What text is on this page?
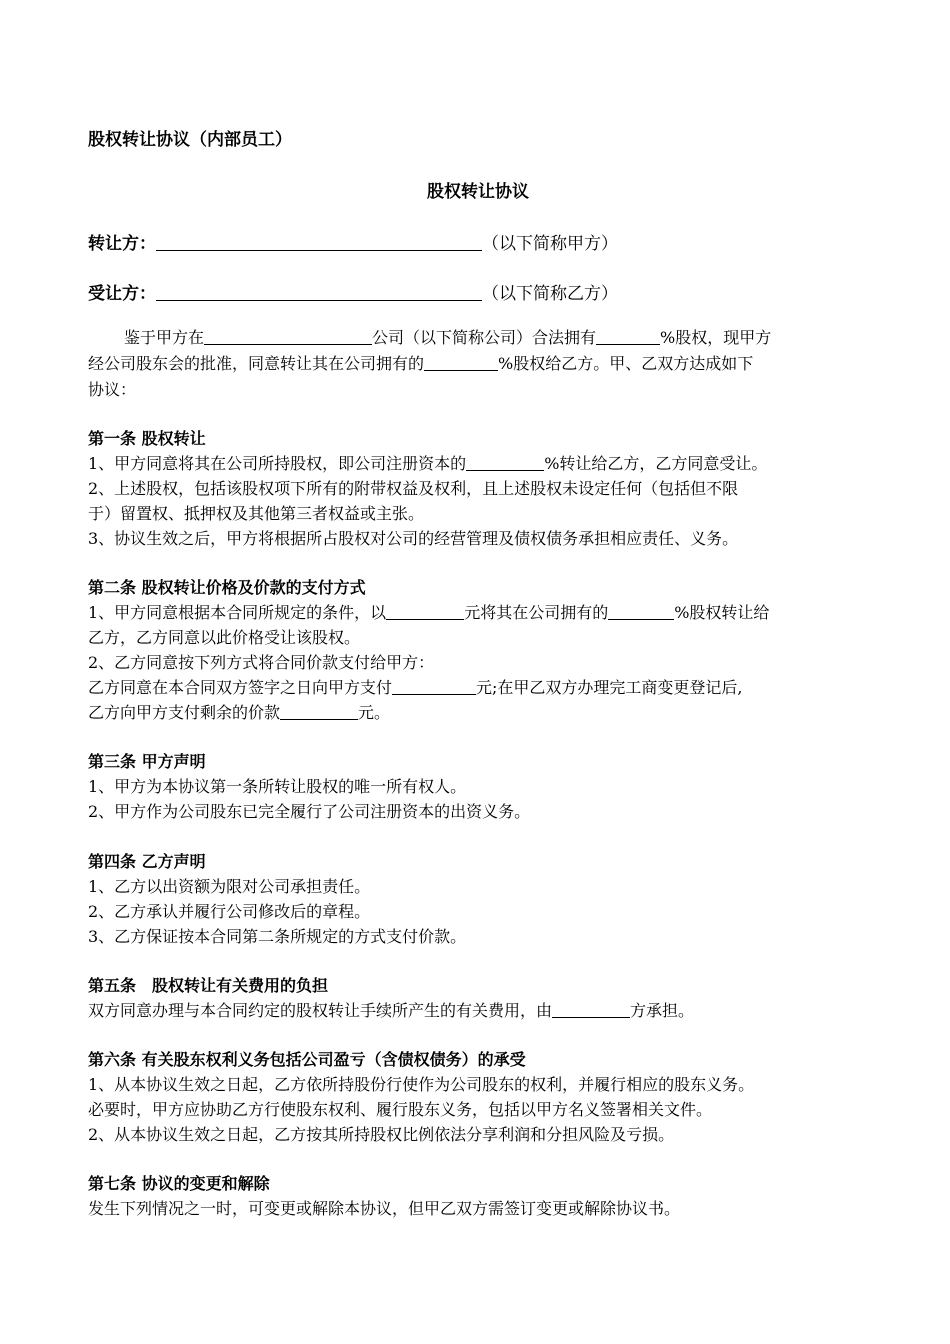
股权转让协议（内部员工）
股权转让协议
转让方：	（以下简称甲方）
受让方：	（以下简称乙方）
鉴于甲方在	公司（以下简称公司）合法拥有	%股权，现甲方
经公司股东会的批准，同意转让其在公司拥有的	%股权给乙方。甲、乙双方达成如下
协议：
第一条 股权转让
1、甲方同意将其在公司所持股权，即公司注册资本的	%转让给乙方，乙方同意受让。
2、上述股权，包括该股权项下所有的附带权益及权利，且上述股权未设定任何（包括但不限
于）留置权、抵押权及其他第三者权益或主张。
3、协议生效之后，甲方将根据所占股权对公司的经营管理及债权债务承担相应责任、义务。
第二条 股权转让价格及价款的支付方式
1、甲方同意根据本合同所规定的条件，以	元将其在公司拥有的	%股权转让给
乙方，乙方同意以此价格受让该股权。
2、乙方同意按下列方式将合同价款支付给甲方：
乙方同意在本合同双方签字之日向甲方支付	元;在甲乙双方办理完工商变更登记后,
乙方向甲方支付剩余的价款	元。
第三条 甲方声明
1、甲方为本协议第一条所转让股权的唯一所有权人。
2、甲方作为公司股东已完全履行了公司注册资本的出资义务。
第四条 乙方声明
1、乙方以出资额为限对公司承担责任。
2、乙方承认并履行公司修改后的章程。
3、乙方保证按本合同第二条所规定的方式支付价款。
第五条　股权转让有关费用的负担
双方同意办理与本合同约定的股权转让手续所产生的有关费用，由	方承担。
第六条 有关股东权利义务包括公司盈亏（含债权债务）的承受
1、从本协议生效之日起，乙方依所持股份行使作为公司股东的权利，并履行相应的股东义务。
必要时，甲方应协助乙方行使股东权利、履行股东义务，包括以甲方名义签署相关文件。
2、从本协议生效之日起，乙方按其所持股权比例依法分享利润和分担风险及亏损。
第七条 协议的变更和解除
发生下列情况之一时，可变更或解除本协议，但甲乙双方需签订变更或解除协议书。
